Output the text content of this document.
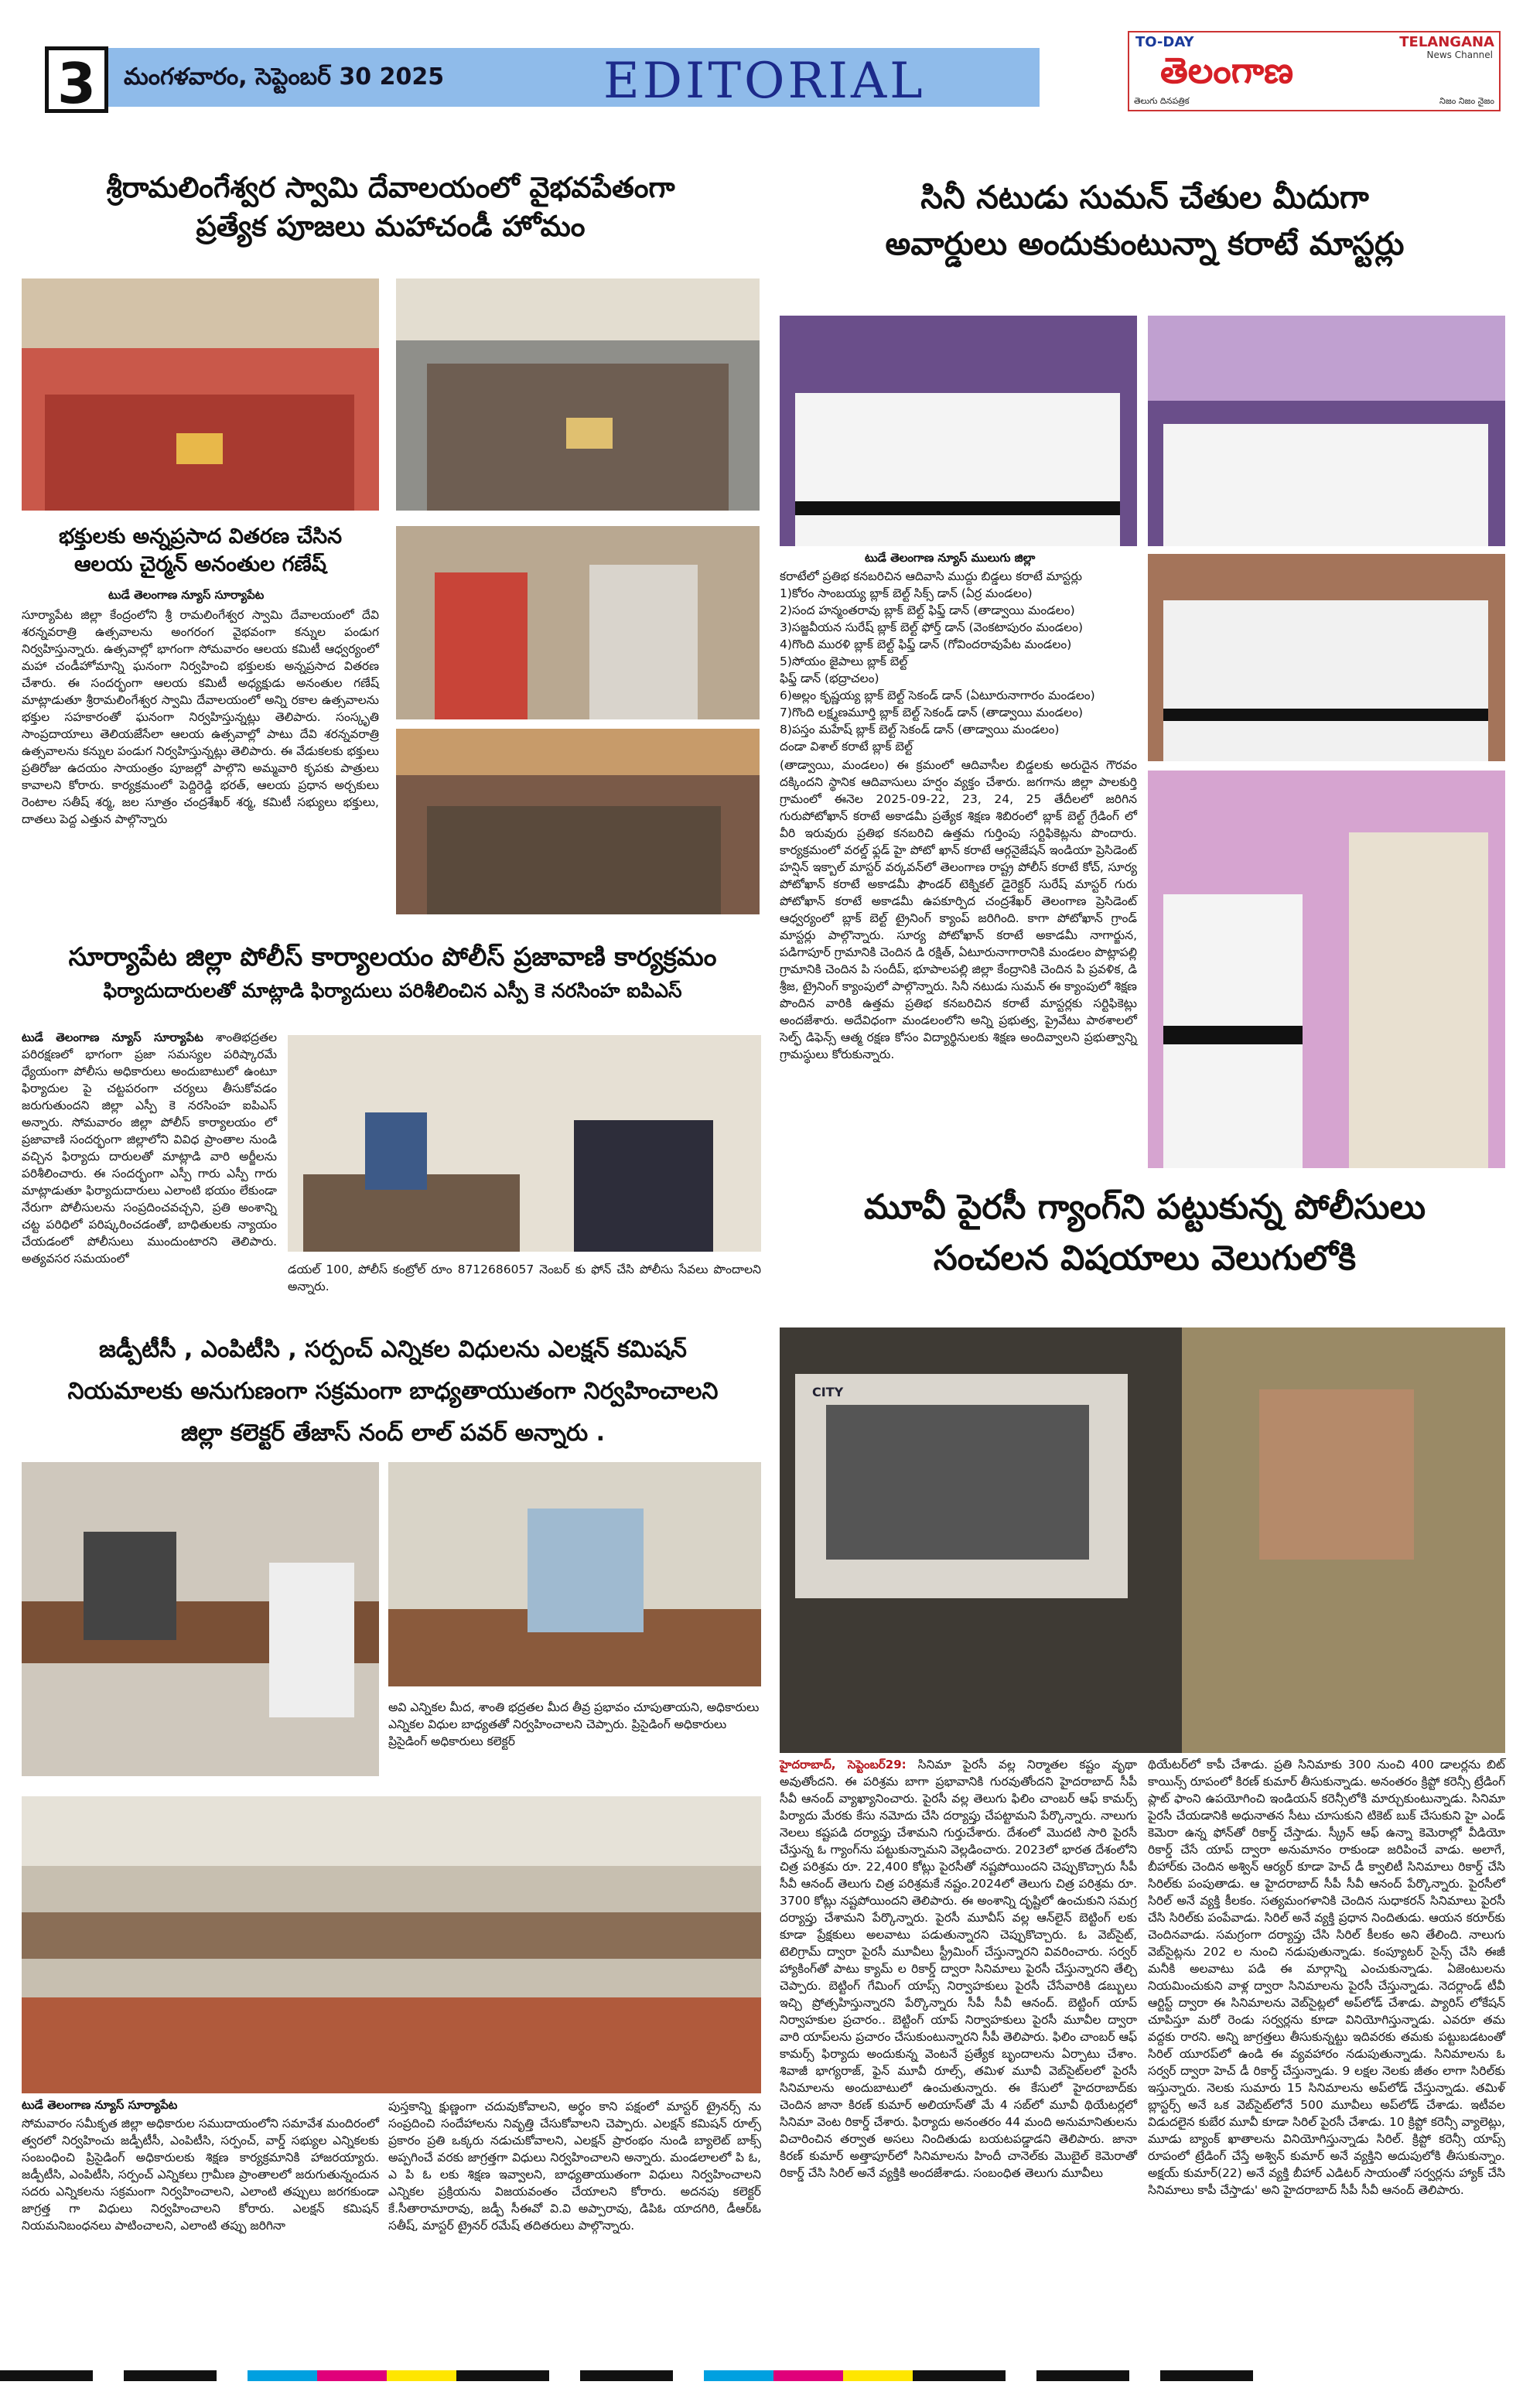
3	మంగళవారం, సెప్టెంబర్ 30 2025	EDITORIAL
TO-DAY	TELANGANA
News Channel
తెలంగాణ
తెలుగు దినపత్రిక	నిజం నిజం నైజం
శ్రీరామలింగేశ్వర స్వామి దేవాలయంలో వైభవపేతంగా
ప్రత్యేక పూజలు మహాచండీ హోమం
భక్తులకు అన్నప్రసాద వితరణ చేసిన
ఆలయ చైర్మన్ అనంతుల గణేష్
టుడే తెలంగాణ న్యూస్ సూర్యాపేట
సూర్యాపేట జిల్లా కేంద్రంలోని శ్రీ రామలింగేశ్వర స్వామి దేవాలయంలో దేవి శరన్నవరాత్రి ఉత్సవాలను అంగరంగ వైభవంగా కన్నుల పండుగ నిర్వహిస్తున్నారు. ఉత్సవాల్లో భాగంగా సోమవారం ఆలయ కమిటీ ఆధ్వర్యంలో మహా చండీహోమాన్ని ఘనంగా నిర్వహించి భక్తులకు అన్నప్రసాద వితరణ చేశారు. ఈ సందర్భంగా ఆలయ కమిటీ అధ్యక్షుడు అనంతుల గణేష్ మాట్లాడుతూ శ్రీరామలింగేశ్వర స్వామి దేవాలయంలో అన్ని రకాల ఉత్సవాలను భక్తుల సహకారంతో ఘనంగా నిర్వహిస్తున్నట్లు తెలిపారు. సంస్కృతి సాంప్రదాయాలు తెలియజేసేలా ఆలయ ఉత్సవాల్లో పాటు దేవి శరన్నవరాత్రి ఉత్సవాలను కన్నుల పండుగ నిర్వహిస్తున్నట్లు తెలిపారు. ఈ వేడుకలకు భక్తులు ప్రతిరోజు ఉదయం సాయంత్రం పూజల్లో పాల్గొని అమ్మవారి కృపకు పాత్రులు కావాలని కోరారు. కార్యక్రమంలో పెద్దిరెడ్డి భరత్, ఆలయ ప్రధాన అర్చకులు రెంటాల సతీష్ శర్మ, జల సూత్రం చంద్రశేఖర్ శర్మ, కమిటీ సభ్యులు భక్తులు, దాతలు పెద్ద ఎత్తున పాల్గొన్నారు
సూర్యాపేట జిల్లా పోలీస్ కార్యాలయం పోలీస్ ప్రజావాణి కార్యక్రమం
ఫిర్యాదుదారులతో మాట్లాడి ఫిర్యాదులు పరిశీలించిన ఎస్పీ కె నరసింహ ఐపిఎస్
టుడే తెలంగాణ న్యూస్ సూర్యాపేట శాంతిభద్రతల పరిరక్షణలో భాగంగా ప్రజా సమస్యల పరిష్కారమే ధ్యేయంగా పోలీసు అధికారులు అందుబాటులో ఉంటూ ఫిర్యాదుల పై చట్టపరంగా చర్యలు తీసుకోవడం జరుగుతుందని జిల్లా ఎస్పీ కె నరసింహ ఐపిఎస్ అన్నారు. సోమవారం జిల్లా పోలీస్ కార్యాలయం లో ప్రజావాణి సందర్భంగా జిల్లాలోని వివిధ ప్రాంతాల నుండి వచ్చిన ఫిర్యాదు దారులతో మాట్లాడి వారి అర్జీలను పరిశీలించారు. ఈ సందర్భంగా ఎస్పీ గారు ఎస్పీ గారు మాట్లాడుతూ ఫిర్యాదుదారులు ఎలాంటి భయం లేకుండా నేరుగా పోలీసులను సంప్రదించవచ్చని, ప్రతి అంశాన్ని చట్ట పరిధిలో పరిష్కరించడంతో, బాధితులకు న్యాయం చేయడంలో పోలీసులు ముందుంటారని తెలిపారు. అత్యవసర సమయంలో
డయల్ 100, పోలీస్ కంట్రోల్ రూం 8712686057 నెంబర్ కు ఫోన్ చేసి పోలీసు సేవలు పొందాలని అన్నారు.
జడ్పీటీసీ , ఎంపిటీసి , సర్పంచ్ ఎన్నికల విధులను ఎలక్షన్ కమిషన్
నియమాలకు అనుగుణంగా సక్రమంగా బాధ్యతాయుతంగా నిర్వహించాలని
జిల్లా కలెక్టర్ తేజాస్ నంద్ లాల్ పవర్ అన్నారు .
అవి ఎన్నికల మీద, శాంతి భద్రతల మీద తీవ్ర ప్రభావం చూపుతాయని, అధికారులు ఎన్నికల విధుల బాధ్యతతో నిర్వహించాలని చెప్పారు. ప్రిసైడింగ్ అధికారులు ప్రిసైడింగ్ అధికారులు కలెక్టర్
టుడే తెలంగాణ న్యూస్ సూర్యాపేట
సోమవారం సమీకృత జిల్లా అధికారుల సముదాయంలోని సమావేశ మందిరంలో త్వరలో నిర్వహించు జడ్పీటీసీ, ఎంపిటీసి, సర్పంచ్, వార్డ్ సభ్యుల ఎన్నికలకు సంబంధించి ప్రిసైడింగ్ అధికారులకు శిక్షణ కార్యక్రమానికి హాజరయ్యారు. జడ్పీటీసి, ఎంపిటీసి, సర్పంచ్ ఎన్నికలు గ్రామీణ ప్రాంతాలలో జరుగుతున్నందున సదరు ఎన్నికలను సక్రమంగా నిర్వహించాలని, ఎలాంటి తప్పులు జరగకుండా జాగ్రత్త గా విధులు నిర్వహించాలని కోరారు. ఎలక్షన్ కమిషన్ నియమనిబంధనలు పాటించాలని, ఎలాంటి తప్పు జరిగినా
పుస్తకాన్ని క్షుణ్ణంగా చదువుకోవాలని, అర్థం కాని పక్షంలో మాస్టర్ ట్రైనర్స్ ను సంప్రదించి సందేహాలను నివృత్తి చేసుకోవాలని చెప్పారు. ఎలక్షన్ కమిషన్ రూల్స్ ప్రకారం ప్రతి ఒక్కరు నడుచుకోవాలని, ఎలక్షన్ ప్రారంభం నుండి బ్యాలెట్ బాక్స్ అప్పగించే వరకు జాగ్రత్తగా విధులు నిర్వహించాలని అన్నారు. మండలాలలో పి ఓ, ఎ పి ఓ లకు శిక్షణ ఇవ్వాలని, బాధ్యతాయుతంగా విధులు నిర్వహించాలని ఎన్నికల ప్రక్రియను విజయవంతం చేయాలని కోరారు. అదనపు కలెక్టర్ కే.సీతారామారావు, జడ్పీ సీఈవో వి.వి అప్పారావు, డిపిఓ యాదగిరి, డీఆర్ఓ సతీష్, మాస్టర్ ట్రైనర్ రమేష్ తదితరులు పాల్గొన్నారు.
సినీ నటుడు సుమన్ చేతుల మీదుగా
అవార్డులు అందుకుంటున్నా కరాటే మాస్టర్లు
టుడే తెలంగాణ న్యూస్ ములుగు జిల్లా
కరాటేలో ప్రతిభ కనబరిచిన ఆదివాసి ముద్దు బిడ్డలు కరాటే మాస్టర్లు
1)కోరం సాంబయ్య బ్లాక్ బెల్ట్ సిక్స్ డాన్ (ఏర్ర మండలం)
2)సంద హన్మంతరావు బ్లాక్ బెల్ట్ ఫిఫ్త్ డాన్ (తాడ్వాయి మండలం)
3)సజ్జవీయన సురేష్ బ్లాక్ బెల్ట్ ఫోర్త్ డాన్ (వెంకటాపురం మండలం)
4)గొంది మురళి బ్లాక్ బెల్ట్ ఫిఫ్త్ డాన్ (గోవిందరావుపేట మండలం)
5)సోయం జైపాలు బ్లాక్ బెల్ట్
ఫిఫ్త్ డాన్ (భద్రాచలం)
6)అల్లం కృష్ణయ్య బ్లాక్ బెల్ట్ సెకండ్ డాన్ (ఏటూరునాగారం మండలం)
7)గొంది లక్ష్మణమూర్తి బ్లాక్ బెల్ట్ సెకండ్ డాన్ (తాడ్వాయి మండలం)
8)పస్తం మహేష్ బ్లాక్ బెల్ట్ సెకండ్ డాన్ (తాడ్వాయి మండలం)
దండా విశాల్ కరాటే బ్లాక్ బెల్ట్
(తాడ్వాయి, మండలం) ఈ క్రమంలో ఆదివాసీల బిడ్డలకు అరుదైన గౌరవం దక్కిందని స్థానిక ఆదివాసులు హర్షం వ్యక్తం చేశారు. జగగాను జిల్లా పాలకుర్తి గ్రామంలో ఈనెల 2025-09-22, 23, 24, 25 తేదీలలో జరిగిన గురుపోటోఖాన్ కరాటే అకాడమీ ప్రత్యేక శిక్షణ శిబిరంలో బ్లాక్ బెల్ట్ గ్రేడింగ్ లో వీరి ఇరువురు ప్రతిభ కనబరిచి ఉత్తమ గుర్తింపు సర్టిఫికెట్లను పొందారు. కార్యక్రమంలో వరల్డ్ ఫ్లడ్ హై పోటో ఖాన్ కరాటే ఆర్గనైజేషన్ ఇండియా ప్రెసిడెంట్ హన్షిన్ ఇక్బాల్ మాస్టర్ వర్కవన్‌లో తెలంగాణ రాష్ట్ర పోలీస్ కరాటే కోచ్, సూర్య పోటోఖాన్ కరాటే అకాడమీ ఫౌండర్ టెక్నికల్ డైరెక్టర్ సురేష్ మాస్టర్ గురు పోటోఖాన్ కరాటే అకాడమీ ఉపకూర్పిద చంద్రశేఖర్ తెలంగాణ ప్రెసిడెంట్ ఆధ్వర్యంలో బ్లాక్ బెల్ట్ ట్రైనింగ్ క్యాంప్ జరిగింది. కాగా పోటోఖాన్ గ్రాండ్ మాస్టర్లు పాల్గొన్నారు. సూర్య పోటోఖాన్ కరాటే అకాడమీ నాగార్జున, పడిగాపూర్ గ్రామానికి చెందిన డి రక్షిత్, ఏటూరునాగారానికి మండలం పొట్లాపల్లి గ్రామానికి చెందిన పి సందీప్, భూపాలపల్లి జిల్లా కేంద్రానికి చెందిన పి ప్రవళిక, డి శ్రీజ, ట్రైనింగ్ క్యాంపులో పాల్గొన్నారు. సినీ నటుడు సుమన్ ఈ క్యాంపులో శిక్షణ పొందిన వారికి ఉత్తమ ప్రతిభ కనబరిచిన కరాటే మాస్టర్లకు సర్టిఫికెట్లు అందజేశారు. అదేవిధంగా మండలంలోని అన్ని ప్రభుత్వ, ప్రైవేటు పాఠశాలలో సెల్ఫ్ డిఫెన్స్ ఆత్మ రక్షణ కోసం విద్యార్థినులకు శిక్షణ అందివ్వాలని ప్రభుత్వాన్ని గ్రామస్థులు కోరుకున్నారు.
మూవీ పైరసీ గ్యాంగ్‌ని పట్టుకున్న పోలీసులు
సంచలన విషయాలు వెలుగులోకి
CITY
హైదరాబాద్, సెప్టెంబర్29: సినిమా పైరసీ వల్ల నిర్మాతల కష్టం వృథా అవుతోందని. ఈ పరిశ్రమ బాగా ప్రభావానికి గురవుతోందని హైదరాబాద్ సీపీ సీవీ ఆనంద్ వ్యాఖ్యానించారు. పైరసీ వల్ల తెలుగు ఫిలిం చాంబర్ ఆఫ్ కామర్స్ పిర్యాదు మేరకు కేసు నమోదు చేసి దర్యాప్తు చేపట్టామని పేర్కొన్నారు. నాలుగు నెలలు కష్టపడి దర్యాప్తు చేశామని గుర్తుచేశారు. దేశంలో మొదటి సారి పైరసీ చేస్తున్న ఓ గ్యాంగ్‌ను పట్టుకున్నామని వెల్లడించారు. 2023లో భారత దేశంలోని చిత్ర పరిశ్రమ రూ. 22,400 కోట్లు పైరసీతో నష్టపోయిందని చెప్పుకొచ్చారు సీపీ సీవీ ఆనంద్ తెలుగు చిత్ర పరిశ్రమకే నష్టం.2024లో తెలుగు చిత్ర పరిశ్రమ రూ. 3700 కోట్లు నష్టపోయిందని తెలిపారు. ఈ అంశాన్ని దృష్టిలో ఉంచుకుని సమగ్ర దర్యాప్తు చేశామని పేర్కొన్నారు. పైరసీ మూవీస్ వల్ల ఆన్‌లైన్ బెట్టింగ్ లకు కూడా ప్రేక్షకులు అలవాటు పడుతున్నారని చెప్పుకొచ్చారు. ఓ వెబ్‌సైట్, టెలిగ్రామ్ ద్వారా పైరసీ మూవీలు స్ట్రీమింగ్ చేస్తున్నారని వివరించారు. సర్వర్ హ్యాకింగ్‌తో పాటు క్యామ్ ల రికార్డ్ ద్వారా సినిమాలు పైరసీ చేస్తున్నారని తేల్చి చెప్పారు. బెట్టింగ్ గేమింగ్ యాప్స్ నిర్వాహకులు పైరసీ చేసేవారికి డబ్బులు ఇచ్చి ప్రోత్సహిస్తున్నారని పేర్కొన్నారు సీపీ సీవీ ఆనంద్. బెట్టింగ్ యాప్ నిర్వాహకుల ప్రచారం.. బెట్టింగ్ యాప్ నిర్వాహకులు పైరసీ మూవీల ద్వారా వారి యాప్‌లను ప్రచారం చేసుకుంటున్నారని సీపీ తెలిపారు. ఫిలిం చాంబర్ ఆఫ్ కామర్స్ ఫిర్యాదు అందుకున్న వెంటనే ప్రత్యేక బృందాలను ఏర్పాటు చేశాం. శివాజీ భాగ్యరాజ్, ఫైన్ మూవీ రూల్స్, తమిళ మూవీ వెబ్‌సైట్‌లలో పైరసీ సినిమాలను అందుబాటులో ఉంచుతున్నారు. ఈ కేసులో హైదరాబాద్‌కు చెందిన జానా కిరణ్ కుమార్ అలియాస్‌తో మే 4 సబ్‌లో మూవీ థియేటర్లలో సినిమా వెంట రికార్డ్ చేశారు. ఫిర్యాదు అనంతరం 44 మంది అనుమానితులను విచారించిన తర్వాత అసలు నిందితుడు బయటపడ్డాడని తెలిపారు. జానా కిరణ్ కుమార్ అత్తాపూర్‌లో సినిమాలను హిందీ చానెల్‌కు మొబైల్ కెమెరాతో రికార్డ్ చేసి సిరిల్ అనే వ్యక్తికి అందజేశాడు. సంబంధిత తెలుగు మూవీలు
థియేటర్‌లో కాపీ చేశాడు. ప్రతి సినిమాకు 300 నుంచి 400 డాలర్లను బిట్ కాయిన్స్ రూపంలో కిరణ్ కుమార్ తీసుకున్నాడు. అనంతరం క్రిప్టో కరెన్సీ ట్రేడింగ్ ప్లాట్ ఫాంని ఉపయోగించి ఇండియన్ కరెన్సీలోకి మార్చుకుంటున్నాడు. సినిమా పైరసీ చేయడానికి అధునాతన సీటు చూసుకుని టికెట్ బుక్ చేసుకుని హై ఎండ్ కెమెరా ఉన్న ఫోన్‌తో రికార్డ్ చేస్తాడు. స్క్రీన్ ఆఫ్ ఉన్నా కెమెరాల్లో వీడియో రికార్డ్ చేసే యాప్ ద్వారా అనుమానం రాకుండా జరిపించే వాడు. అలాగే, బీహార్‌కు చెందిన అశ్విన్ ఆర్య‌ర్ కూడా హెచ్ డీ క్వాలిటీ సినిమాలు రికార్డ్ చేసి సిరిల్‌కు పంపుతాడు. ఆ హైదరాబాద్ సీపీ సీవీ ఆనంద్ పేర్కొన్నారు. పైరసీలో సిరిల్ అనే వ్యక్తి కీలకం. సత్యమంగళానికి చెందిన సుధాకరన్ సినిమాలు పైరసీ చేసి సిరిల్‌కు పంపేవాడు. సిరిల్ అనే వ్యక్తి ప్రధాన నిందితుడు. ఆయన కరూర్‌కు చెందినవాడు. సమగ్రంగా దర్యాప్తు చేసి సిరిల్ కీలకం అని తేలింది. నాలుగు వెబ్‌సైట్లను 202 ల నుంచి నడుపుతున్నాడు. కంప్యూటర్ సైన్స్ చేసి ఈజీ మనీకి అలవాటు పడి ఈ మార్గాన్ని ఎంచుకున్నాడు. ఏజెంటులను నియమించుకుని వాళ్ల ద్వారా సినిమాలను పైరసీ చేస్తున్నాడు. నెదర్లాండ్ టీవీ ఆర్టిస్ట్ ద్వారా ఈ సినిమాలను వెబ్‌సైట్లలో అప్‌లోడ్ చేశాడు. ప్యారిస్ లోకేషన్ చూపిస్తూ మరో రెండు సర్వర్లను కూడా వినియోగిస్తున్నాడు. ఎవరూ తమ వద్దకు రారని. అన్ని జాగ్రత్తలు తీసుకున్నట్టు ఇదివరకు తమకు పట్టుబడటంతో సిరిల్ యూరప్‌లో ఉండి ఈ వ్యవహారం నడుపుతున్నాడు. సినిమాలను ఓ సర్వర్ ద్వారా హెచ్ డీ రికార్డ్ చేస్తున్నాడు. 9 లక్షల నెలకు జీతం లాగా సిరిల్‌కు ఇస్తున్నారు. నెలకు సుమారు 15 సినిమాలను అప్‌లోడ్ చేస్తున్నాడు. తమిళ్ బ్లాస్టర్స్ అనే ఒక వెబ్‌సైట్‌లోనే 500 మూవీలు అప్‌లోడ్ చేశాడు. ఇటీవల విడుదలైన కుబేర మూవీ కూడా సిరిల్ పైరసీ చేశాడు. 10 క్రిప్టో కరెన్సీ వ్యాలెట్లు, మూడు బ్యాంక్ ఖాతాలను వినియోగిస్తున్నాడు సిరిల్. క్రిప్టో కరెన్సీ యాప్స్ రూపంలో ట్రేడింగ్ చేస్తే అశ్విన్ కుమార్ అనే వ్యక్తిని అదుపులోకి తీసుకున్నాం. అక్షయ్ కుమార్(22) అనే వ్యక్తి బీహార్ ఎడిటర్ సాయం‌తో సర్వర్లను హ్యాక్ చేసి సినిమాలు కాపీ చేస్తాడు' అని హైదరాబాద్ సీపీ సీవీ ఆనంద్ తెలిపారు.
